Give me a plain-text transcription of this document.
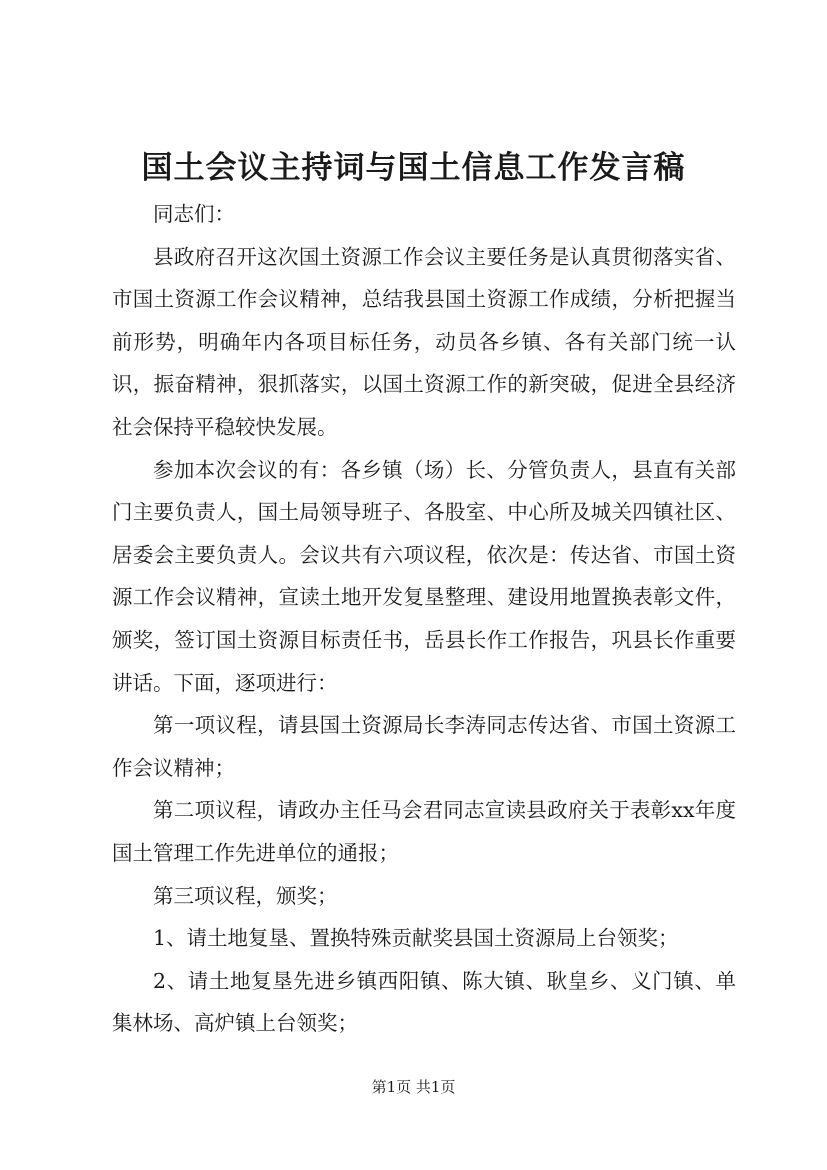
国土会议主持词与国土信息工作发言稿

同志们：

县政府召开这次国土资源工作会议主要任务是认真贯彻落实省、市国土资源工作会议精神，总结我县国土资源工作成绩，分析把握当前形势，明确年内各项目标任务，动员各乡镇、各有关部门统一认识，振奋精神，狠抓落实，以国土资源工作的新突破，促进全县经济社会保持平稳较快发展。

参加本次会议的有：各乡镇（场）长、分管负责人，县直有关部门主要负责人，国土局领导班子、各股室、中心所及城关四镇社区、居委会主要负责人。会议共有六项议程，依次是：传达省、市国土资源工作会议精神，宣读土地开发复垦整理、建设用地置换表彰文件，颁奖，签订国土资源目标责任书，岳县长作工作报告，巩县长作重要讲话。下面，逐项进行：

第一项议程，请县国土资源局长李涛同志传达省、市国土资源工作会议精神；

第二项议程，请政办主任马会君同志宣读县政府关于表彰xx年度国土管理工作先进单位的通报；

第三项议程，颁奖；

1、请土地复垦、置换特殊贡献奖县国土资源局上台领奖；

2、请土地复垦先进乡镇西阳镇、陈大镇、耿皇乡、义门镇、单集林场、高炉镇上台领奖；

第1页 共1页
